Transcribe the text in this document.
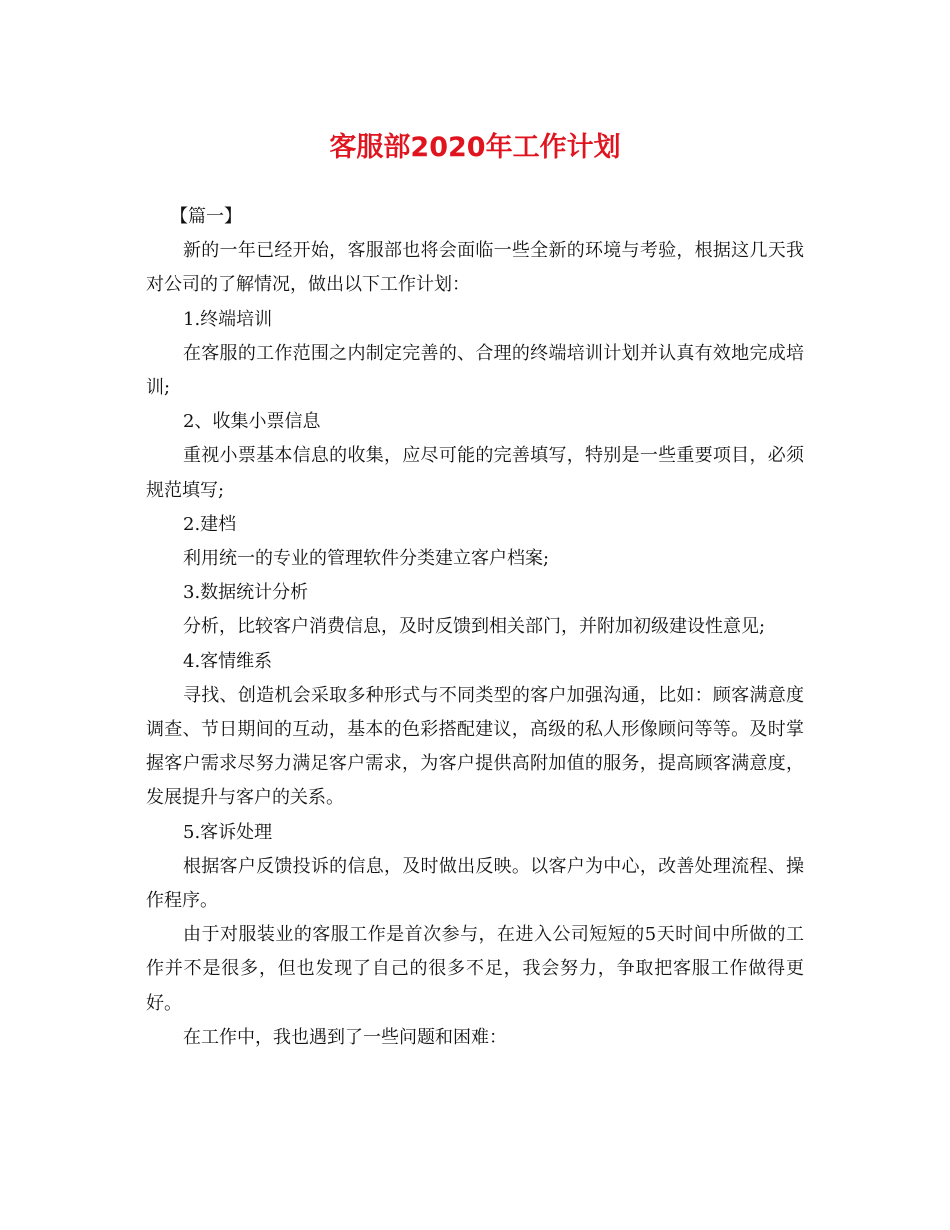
客服部2020年工作计划

【篇一】

新的一年已经开始，客服部也将会面临一些全新的环境与考验，根据这几天我对公司的了解情况，做出以下工作计划：

1.终端培训

在客服的工作范围之内制定完善的、合理的终端培训计划并认真有效地完成培训;

2、收集小票信息

重视小票基本信息的收集，应尽可能的完善填写，特别是一些重要项目，必须规范填写;

2.建档

利用统一的专业的管理软件分类建立客户档案;

3.数据统计分析

分析，比较客户消费信息，及时反馈到相关部门，并附加初级建设性意见;

4.客情维系

寻找、创造机会采取多种形式与不同类型的客户加强沟通，比如：顾客满意度调查、节日期间的互动，基本的色彩搭配建议，高级的私人形像顾问等等。及时掌握客户需求尽努力满足客户需求，为客户提供高附加值的服务，提高顾客满意度，发展提升与客户的关系。

5.客诉处理

根据客户反馈投诉的信息，及时做出反映。以客户为中心，改善处理流程、操作程序。

由于对服装业的客服工作是首次参与，在进入公司短短的5天时间中所做的工作并不是很多，但也发现了自己的很多不足，我会努力，争取把客服工作做得更好。

在工作中，我也遇到了一些问题和困难：
